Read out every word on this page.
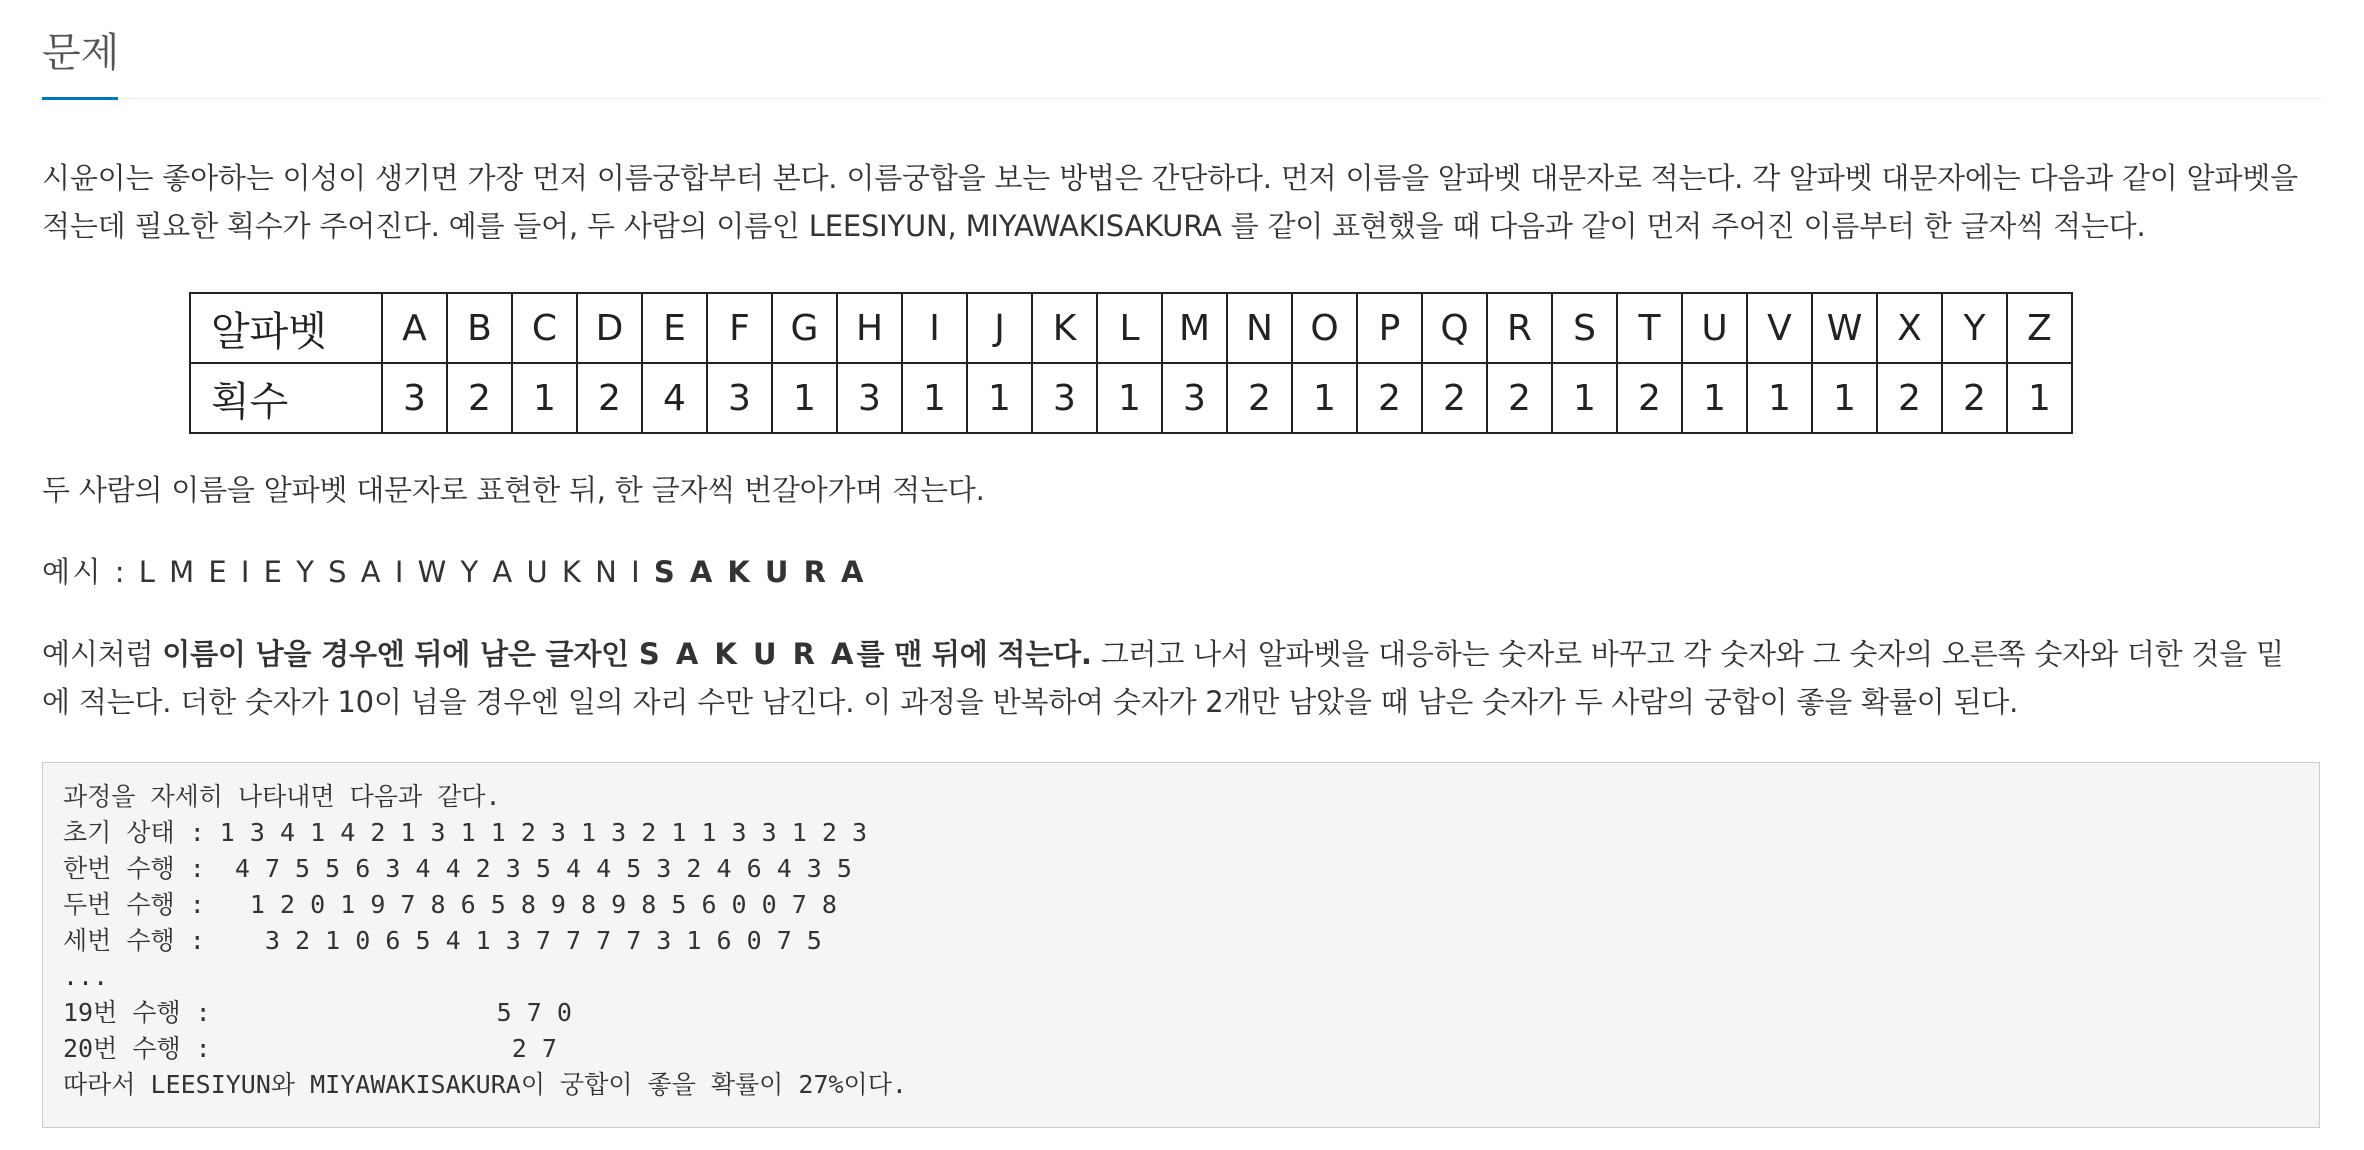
문제

시윤이는 좋아하는 이성이 생기면 가장 먼저 이름궁합부터 본다. 이름궁합을 보는 방법은 간단하다. 먼저 이름을 알파벳 대문자로 적는다. 각 알파벳 대문자에는 다음과 같이 알파벳을 적는데 필요한 획수가 주어진다. 예를 들어, 두 사람의 이름인 LEESIYUN, MIYAWAKISAKURA 를 같이 표현했을 때 다음과 같이 먼저 주어진 이름부터 한 글자씩 적는다.

알파벳	A	B	C	D	E	F	G	H	I	J	K	L	M	N	O	P	Q	R	S	T	U	V	W	X	Y	Z
획수	3	2	1	2	4	3	1	3	1	1	3	1	3	2	1	2	2	2	1	2	1	1	1	2	2	1

두 사람의 이름을 알파벳 대문자로 표현한 뒤, 한 글자씩 번갈아가며 적는다.

예시 : L M E I E Y S A I W Y A U K N I S A K U R A

예시처럼 이름이 남을 경우엔 뒤에 남은 글자인 S A K U R A를 맨 뒤에 적는다. 그러고 나서 알파벳을 대응하는 숫자로 바꾸고 각 숫자와 그 숫자의 오른쪽 숫자와 더한 것을 밑에 적는다. 더한 숫자가 10이 넘을 경우엔 일의 자리 수만 남긴다. 이 과정을 반복하여 숫자가 2개만 남았을 때 남은 숫자가 두 사람의 궁합이 좋을 확률이 된다.

과정을 자세히 나타내면 다음과 같다.
초기 상태 : 1 3 4 1 4 2 1 3 1 1 2 3 1 3 2 1 1 3 3 1 2 3
한번 수행 :  4 7 5 5 6 3 4 4 2 3 5 4 4 5 3 2 4 6 4 3 5
두번 수행 :   1 2 0 1 9 7 8 6 5 8 9 8 9 8 5 6 0 0 7 8
세번 수행 :    3 2 1 0 6 5 4 1 3 7 7 7 7 3 1 6 0 7 5
...
19번 수행 :                   5 7 0
20번 수행 :                    2 7
따라서 LEESIYUN와 MIYAWAKISAKURA이 궁합이 좋을 확률이 27%이다.
